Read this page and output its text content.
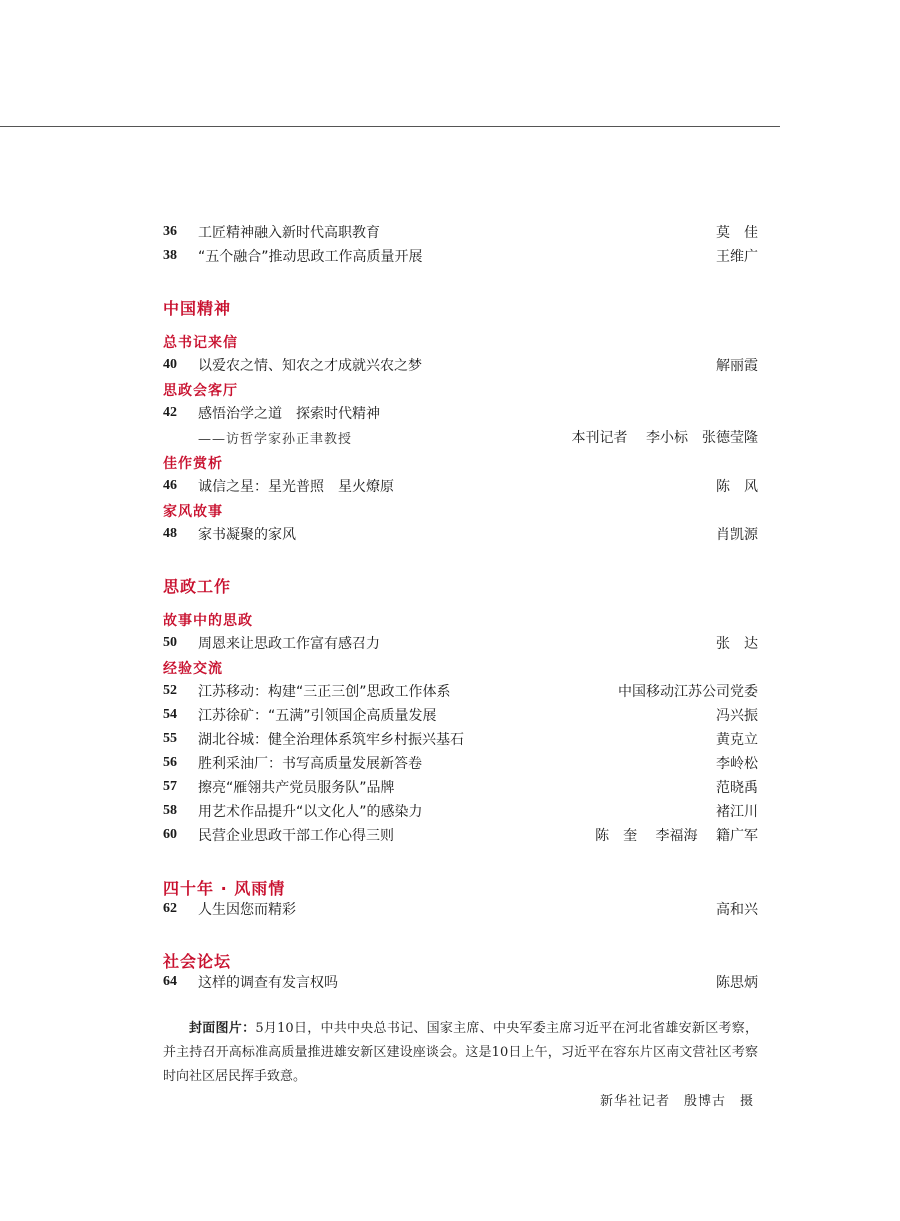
36	工匠精神融入新时代高职教育	莫　佳
38	“五个融合”推动思政工作高质量开展	王维广
中国精神
总书记来信
40	以爱农之情、知农之才成就兴农之梦	解丽霞
思政会客厅
42	感悟治学之道　探索时代精神
——访哲学家孙正聿教授	本刊记者　 李小标　张德莹隆
佳作赏析
46	诚信之星：星光普照　星火燎原	陈　风
家风故事
48	家书凝聚的家风	肖凯源
思政工作
故事中的思政
50	周恩来让思政工作富有感召力	张　达
经验交流
52	江苏移动：构建“三正三创”思政工作体系	中国移动江苏公司党委
54	江苏徐矿：“五满”引领国企高质量发展	冯兴振
55	湖北谷城：健全治理体系筑牢乡村振兴基石	黄克立
56	胜利采油厂：书写高质量发展新答卷	李岭松
57	擦亮“雁翎共产党员服务队”品牌	范晓禹
58	用艺术作品提升“以文化人”的感染力	褚江川
60	民营企业思政干部工作心得三则	陈　奎　 李福海　 籍广军
四十年 · 风雨情
62	人生因您而精彩	高和兴
社会论坛
64	这样的调查有发言权吗	陈思炳
封面图片：5月10日，中共中央总书记、国家主席、中央军委主席习近平在河北省雄安新区考察，并主持召开高标准高质量推进雄安新区建设座谈会。这是10日上午，习近平在容东片区南文营社区考察时向社区居民挥手致意。
新华社记者　殷博古　摄
